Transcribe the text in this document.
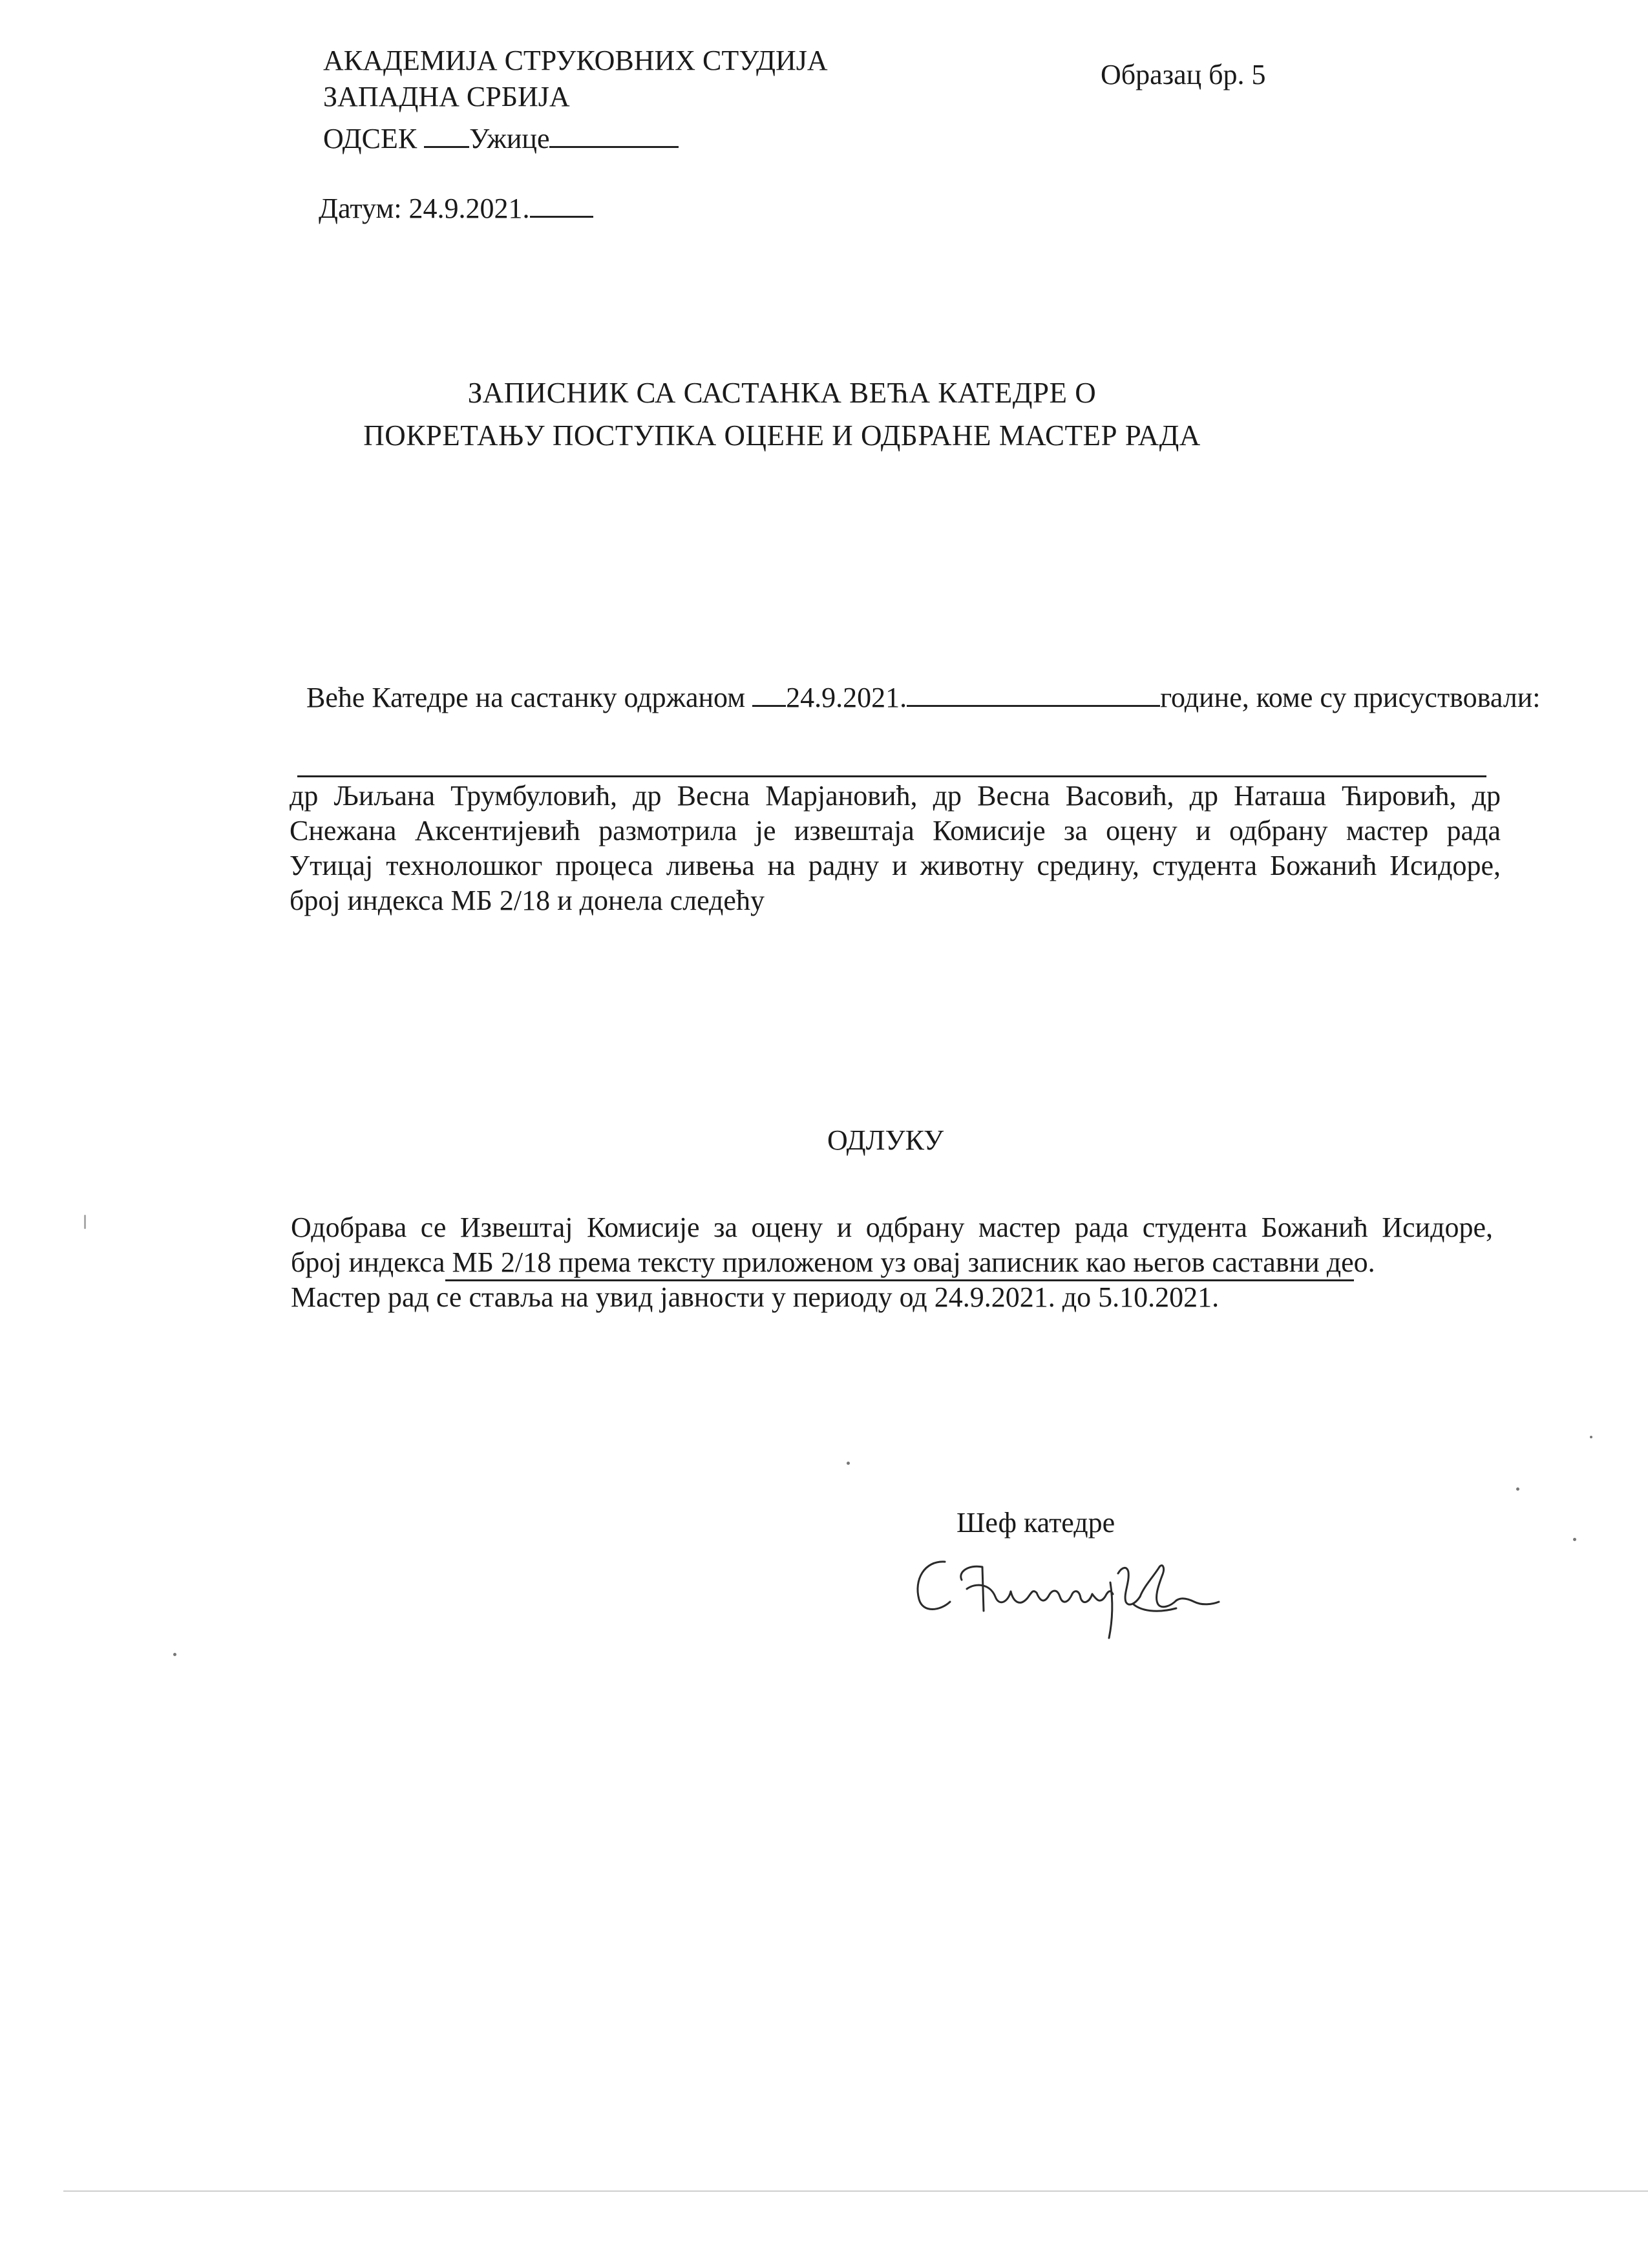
АКАДЕМИЈА СТРУКОВНИХ СТУДИЈА
ЗАПАДНА СРБИЈА
ОДСЕК Ужице
Образац бр. 5
Датум: 24.9.2021.
ЗАПИСНИК СА САСТАНКА ВЕЋА КАТЕДРЕ О
ПОКРЕТАЊУ ПОСТУПКА ОЦЕНЕ И ОДБРАНЕ МАСТЕР РАДА
Веће Катедре на састанку одржаном 24.9.2021.	године, коме су присуствовали:
др Љиљана Трумбуловић, др Весна Марјановић, др Весна Васовић, др Наташа Ћировић, др
Снежана Аксентијевић размотрила је извештаја Комисије за оцену и одбрану мастер рада
Утицај технолошког процеса ливења на радну и животну средину, студента Божанић Исидоре,
број индекса МБ 2/18 и донела следећу
ОДЛУКУ
Одобрава се Извештај Комисије за оцену и одбрану мастер рада студента Божанић Исидоре,
број индекса МБ 2/18 према тексту приложеном уз овај записник као његов саставни део.
Мастер рад се ставља на увид јавности у периоду од 24.9.2021. до 5.10.2021.
Шеф катедре
